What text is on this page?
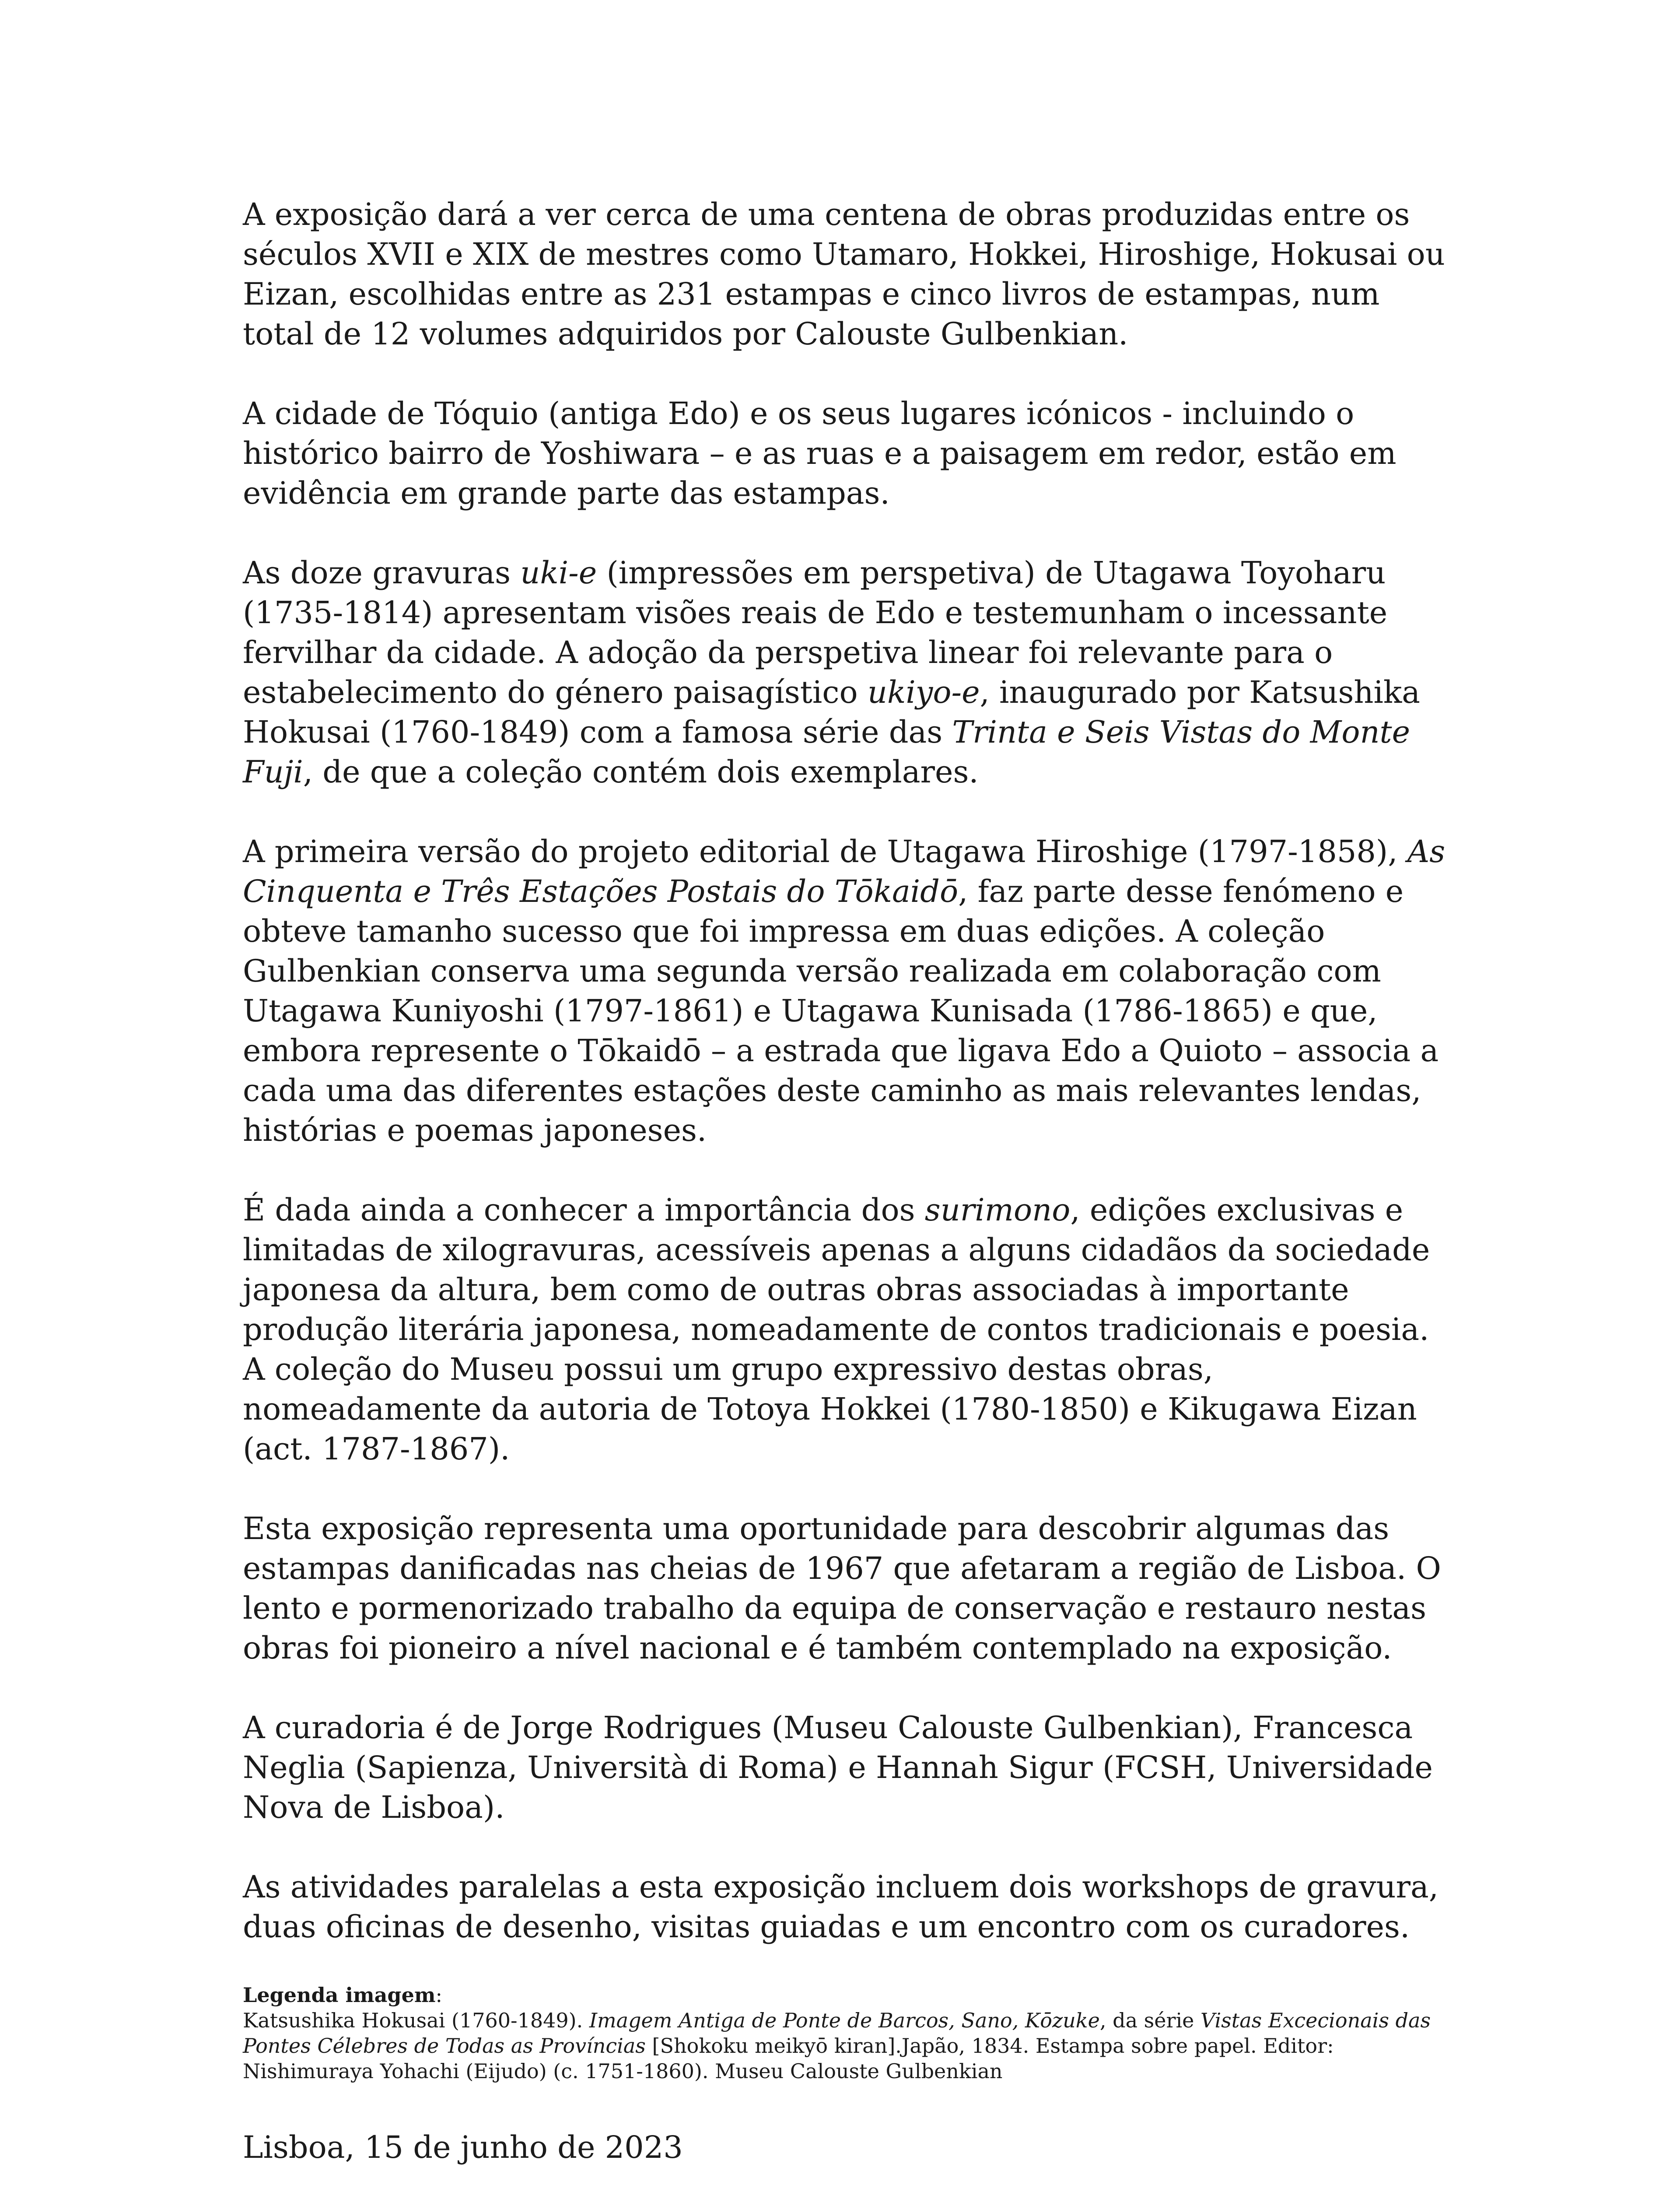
A exposição dará a ver cerca de uma centena de obras produzidas entre os séculos XVII e XIX de mestres como Utamaro, Hokkei, Hiroshige, Hokusai ou Eizan, escolhidas entre as 231 estampas e cinco livros de estampas, num total de 12 volumes adquiridos por Calouste Gulbenkian.

A cidade de Tóquio (antiga Edo) e os seus lugares icónicos - incluindo o histórico bairro de Yoshiwara – e as ruas e a paisagem em redor, estão em evidência em grande parte das estampas.

As doze gravuras uki-e (impressões em perspetiva) de Utagawa Toyoharu (1735-1814) apresentam visões reais de Edo e testemunham o incessante fervilhar da cidade. A adoção da perspetiva linear foi relevante para o estabelecimento do género paisagístico ukiyo-e, inaugurado por Katsushika Hokusai (1760-1849) com a famosa série das Trinta e Seis Vistas do Monte Fuji, de que a coleção contém dois exemplares.

A primeira versão do projeto editorial de Utagawa Hiroshige (1797-1858), As Cinquenta e Três Estações Postais do Tōkaidō, faz parte desse fenómeno e obteve tamanho sucesso que foi impressa em duas edições. A coleção Gulbenkian conserva uma segunda versão realizada em colaboração com Utagawa Kuniyoshi (1797-1861) e Utagawa Kunisada (1786-1865) e que, embora represente o Tōkaidō – a estrada que ligava Edo a Quioto – associa a cada uma das diferentes estações deste caminho as mais relevantes lendas, histórias e poemas japoneses.

É dada ainda a conhecer a importância dos surimono, edições exclusivas e limitadas de xilogravuras, acessíveis apenas a alguns cidadãos da sociedade japonesa da altura, bem como de outras obras associadas à importante produção literária japonesa, nomeadamente de contos tradicionais e poesia. A coleção do Museu possui um grupo expressivo destas obras, nomeadamente da autoria de Totoya Hokkei (1780-1850) e Kikugawa Eizan (act. 1787-1867).

Esta exposição representa uma oportunidade para descobrir algumas das estampas danificadas nas cheias de 1967 que afetaram a região de Lisboa. O lento e pormenorizado trabalho da equipa de conservação e restauro nestas obras foi pioneiro a nível nacional e é também contemplado na exposição.

A curadoria é de Jorge Rodrigues (Museu Calouste Gulbenkian), Francesca Neglia (Sapienza, Università di Roma) e Hannah Sigur (FCSH, Universidade Nova de Lisboa).

As atividades paralelas a esta exposição incluem dois workshops de gravura, duas oficinas de desenho, visitas guiadas e um encontro com os curadores.

Legenda imagem:
Katsushika Hokusai (1760-1849). Imagem Antiga de Ponte de Barcos, Sano, Kōzuke, da série Vistas Excecionais das Pontes Célebres de Todas as Províncias [Shokoku meikyō kiran].Japão, 1834. Estampa sobre papel. Editor: Nishimuraya Yohachi (Eijudo) (c. 1751-1860). Museu Calouste Gulbenkian

Lisboa, 15 de junho de 2023
